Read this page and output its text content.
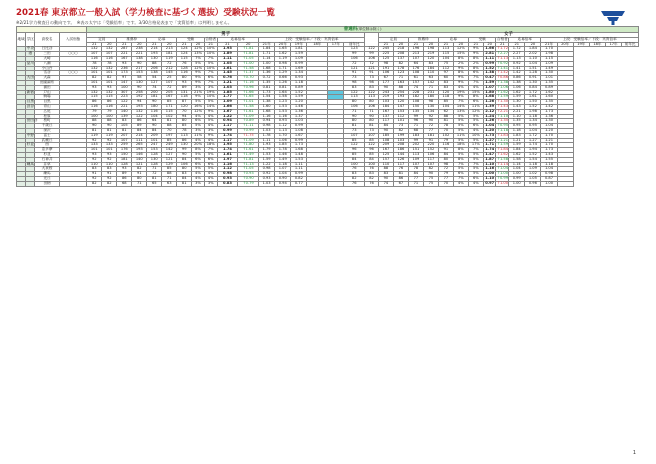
2021春 東京都立一般入試（学力検査に基づく選抜）受験状況一覧
※2/21学力検査日の動向です。　※表の太字は「受験倍率」です。3/30合格発表まで「実質倍率」は判明しません。
				普通科(単位制は除く)																																		
地域	学区	高校名	入試形態	男子																		女子																
				定員		推薦枠		応募		受験		合格者	応募倍率		上段：受験倍率／下段：実質倍率							定員		推薦枠		応募		受験		合格者	応募倍率		上段：受験倍率／下段：実質倍率					
				21	20	21	20	21	20	21	20	21	21	20	21年	20年	19年	18年	17年	前年比		21	20	21	20	21	20	21	20	21	21	20	21年	20年	19年	18年	17年	前年比
	中央	日比谷		132	132	287	238	214	213	124	12%	10%	1.93	↑1.81	1.84	1.65	1.81			123	122	245	218	196	198	113	12%	9%	1.66	↑1.72	1.72	1.84	1.70					
	港	三田	○○○	107	107	221	221	193	181	124	13%	10%	1.89	↑1.81	1.71	1.62	1.59			99	99	225	208	213	219	115	15%	9%	2.81	↑2.27	2.27	2.02	1.98					
		大崎		116	116	167	138	130	119	115	7%	7%	1.11	↑1.05	1.14	1.19	1.09			106	106	125	137	107	120	104	8%	8%	1.11	↑1.13	1.13	1.10	1.15					
	品川	八潮		78	78	93	90	88	72	76	5%	5%	1.05	↑1.00	1.00	0.98	0.99			72	72	98	82	64	83	75	2%	2%	0.99	↑0.92	0.92	1.04	1.09					
		小山台		132	132	236	217	206	212	128	12%	10%	1.61	↑1.58	1.68	1.71	1.69			121	121	191	178	176	184	112	9%	8%	1.52	↑1.41	1.41	1.51	1.49					
		雪谷	○○○	101	101	173	153	138	145	116	9%	7%	1.45	↑1.37	1.36	1.29	1.34			91	91	106	123	108	110	97	8%	6%	1.38	↑1.42	1.42	1.28	1.30					
	大田	大森		82	82	97	58	54	25	80	9%	6%	0.76	↑0.70	0.72	0.66	0.93			73	73	67	71	61	63	60	9%	7%	0.47	↑0.86	0.86	0.91	1.01					
		田園調布		101	101	147	130	127	107	93	9%	7%	1.21	↑1.16	1.35	1.26	1.18			98	98	177	163	157	142	83	9%	7%	1.59	↑1.38	1.38	1.30	1.35					
		蒲田		93	93	100	90	74	72	89	3%	3%	1.03	↑0.96	0.81	0.81	0.89			83	83	90	88	74	71	83	4%	4%	1.07	↑1.06	1.06	0.84	0.89					
	新宿	戸山		132	132	307	258	200	205	131	21%	19%	1.85	↑1.66	1.73	1.64	1.52			122	122	243	254	228	231	120	19%	15%	1.80	↑1.62	1.62	1.72	1.62					
		駒場		115	115	223	192	181	167	118	9%	10%	1.77	↑1.65	1.54	1.58	1.59			113	113	219	193	182	180	118	9%	8%	1.68	↑1.59	1.59	1.61	1.60					
	目黒	目黒		86	86	122	94	90	85	87	5%	5%	1.09	↑1.01	1.38	1.23	1.20			80	80	103	120	108	98	85	7%	6%	1.26	↑1.30	1.30	1.50	1.35					
	渋谷	青山		116	116	221	193	180	171	120	16%	14%	1.66	↑1.58	1.60	1.53	1.46			106	106	184	147	150	130	104	14%	11%	1.39	↑1.43	1.43	1.52	1.42					
		広尾		79	79	140	132	116	115	70	12%	9%	1.67	↑1.61	1.68	1.53	1.36			71	71	167	153	135	134	62	13%	12%	2.12	↑2.21	2.21	1.98	1.73					
		松原		100	100	139	122	104	102	94	4%	4%	1.22	↑1.09	1.16	1.16	1.37			90	90	137	112	99	92	88	5%	5%	1.24	↑1.10	1.10	1.18	1.36					
	世田谷	桜町		88	88	83	86	64	81	80	6%	5%	0.94	↑0.89	0.94	0.93	1.03			80	80	117	101	96	90	81	5%	5%	1.26	↑1.35	1.35	1.34	1.30					
		千歳丘		90	90	105	89	90	88	85	5%	4%	1.17	↑1.11	0.98	1.12	0.99			81	81	84	73	71	72	78	5%	6%	1.04	↑0.95	0.95	0.95	1.04					
		深沢		81	81	81	84	84	70	78	3%	3%	0.99	↑0.99	1.03	1.13	1.08			73	73	90	82	68	77	70	5%	4%	1.20	↑1.18	1.18	1.04	1.20					
	中野	富士		119	119	207	214	209	197	113	11%	9%	1.74	↑1.75	1.78	1.70	1.67			107	107	185	199	183	181	102	11%	10%	1.73	↑1.83	1.83	1.72	1.70					
		武蔵丘		92	92	107	111	101	85	86	4%	4%	1.17	↑1.09	1.11	1.06	0.99			85	85	108	103	99	91	79	5%	5%	1.27	↑1.21	1.21	1.27	1.21					
	杉並	西		133	133	259	265	247	249	130	20%	18%	1.95	↑1.80	1.93	1.85	1.73			122	122	209	208	202	220	116	18%	17%	1.71	↑1.59	1.59	1.74	1.70					
		豊多摩		101	101	176	193	153	142	99	8%	7%	1.74	↑1.61	1.79	1.78	1.68			96	96	167	186	151	152	91	8%	7%	1.74	↑1.84	1.84	1.94	1.73					
		杉並		93	93	150	146	128	127	90	5%	5%	1.61	↑1.49	1.53	1.46	1.48			85	85	125	144	113	106	84	5%	5%	1.47	↑1.62	1.62	1.52	1.43					
		石神井		92	92	181	140	130	121	84	6%	6%	1.97	↑1.81	1.59	1.49	1.53			84	84	157	126	109	117	80	8%	5%	1.87	↑1.58	1.58	1.54	1.55					
	練馬	井草		110	110	128	121	128	129	106	6%	6%	1.16	↑1.13	1.22	1.18	1.11			100	100	110	117	107	107	98	7%	7%	1.10	↑1.14	1.14	1.18	1.18					
		大泉桜		83	83	93	82	71	85	80	5%	5%	1.12	↑1.05	0.98	1.07	1.11			76	76	88	76	78	82	72	5%	5%	1.16	↑1.04	1.04	1.09	1.04					
		練馬		91	91	89	91	72	88	83	4%	4%	0.98	↑0.93	0.92	1.04	0.99			83	83	83	81	84	90	79	6%	5%	1.00	↑1.00	1.00	1.02	0.98					
		光丘		92	92	86	80	81	71	84	4%	4%	0.93	↑0.90	0.93	0.90	0.82			82	82	90	86	77	75	77	7%	6%	1.10	↑0.99	0.99	1.05	0.87					
		田柄		82	82	68	71	65	63	81	3%	3%	0.83	↑0.79	1.03	0.94	0.77			76	76	74	67	71	75	70	4%	4%	0.97	↑1.00	1.00	0.96	1.00					
1
